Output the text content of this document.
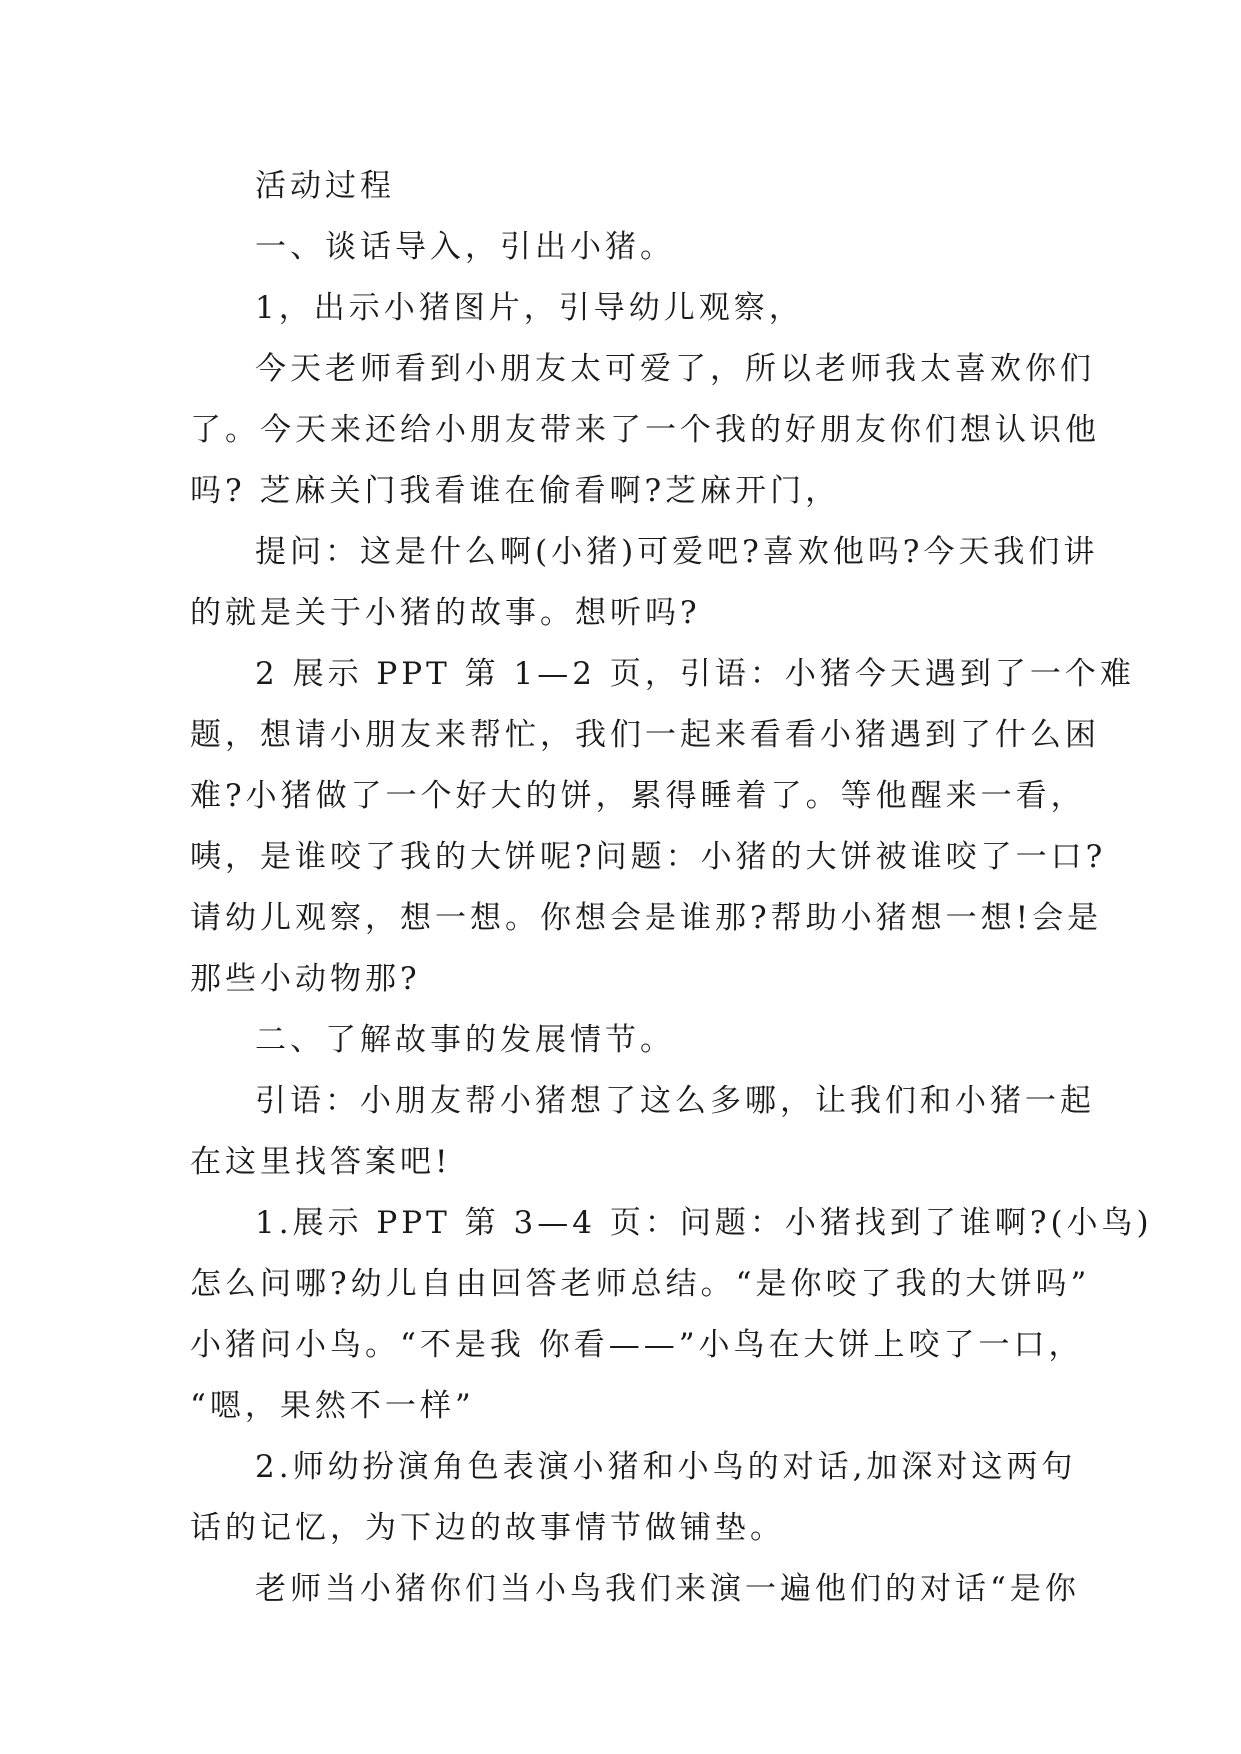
活动过程
一、谈话导入，引出小猪。
1，出示小猪图片，引导幼儿观察，
今天老师看到小朋友太可爱了，所以老师我太喜欢你们
了。今天来还给小朋友带来了一个我的好朋友你们想认识他
吗? 芝麻关门我看谁在偷看啊?芝麻开门，
提问：这是什么啊(小猪)可爱吧?喜欢他吗?今天我们讲
的就是关于小猪的故事。想听吗?
2 展示 PPT 第 1—2 页，引语：小猪今天遇到了一个难
题，想请小朋友来帮忙，我们一起来看看小猪遇到了什么困
难?小猪做了一个好大的饼，累得睡着了。等他醒来一看，
咦，是谁咬了我的大饼呢?问题：小猪的大饼被谁咬了一口?
请幼儿观察，想一想。你想会是谁那?帮助小猪想一想!会是
那些小动物那?
二、了解故事的发展情节。
引语：小朋友帮小猪想了这么多哪，让我们和小猪一起
在这里找答案吧!
1.展示 PPT 第 3—4 页：问题：小猪找到了谁啊?(小鸟)
怎么问哪?幼儿自由回答老师总结。“是你咬了我的大饼吗”
小猪问小鸟。“不是我 你看——”小鸟在大饼上咬了一口，
“嗯，果然不一样”
2.师幼扮演角色表演小猪和小鸟的对话,加深对这两句
话的记忆，为下边的故事情节做铺垫。
老师当小猪你们当小鸟我们来演一遍他们的对话“是你
